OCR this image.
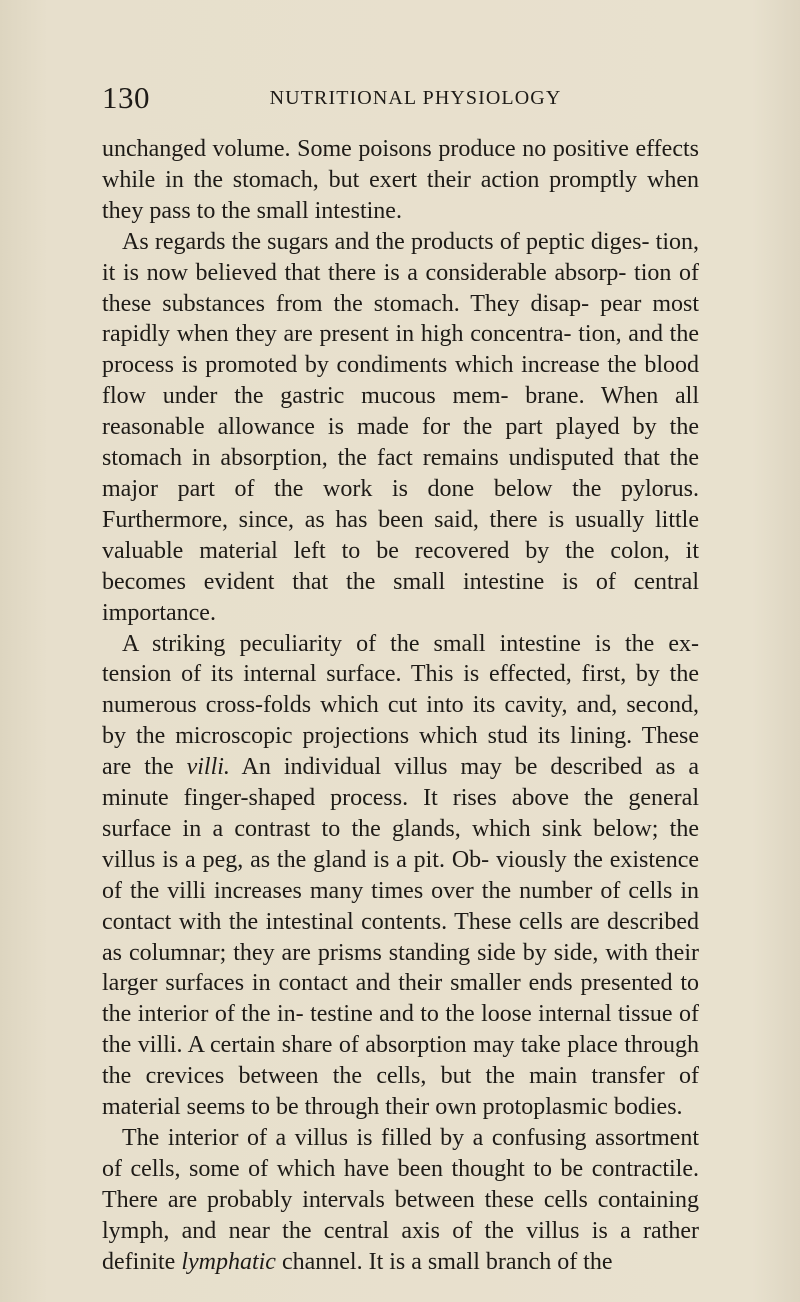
130	NUTRITIONAL PHYSIOLOGY

unchanged volume. Some poisons produce no positive effects while in the stomach, but exert their action promptly when they pass to the small intestine.

As regards the sugars and the products of peptic diges- tion, it is now believed that there is a considerable absorp- tion of these substances from the stomach. They disap- pear most rapidly when they are present in high concentra- tion, and the process is promoted by condiments which increase the blood flow under the gastric mucous mem- brane. When all reasonable allowance is made for the part played by the stomach in absorption, the fact remains undisputed that the major part of the work is done below the pylorus. Furthermore, since, as has been said, there is usually little valuable material left to be recovered by the colon, it becomes evident that the small intestine is of central importance.

A striking peculiarity of the small intestine is the ex- tension of its internal surface. This is effected, first, by the numerous cross-folds which cut into its cavity, and, second, by the microscopic projections which stud its lining. These are the villi. An individual villus may be described as a minute finger-shaped process. It rises above the general surface in a contrast to the glands, which sink below; the villus is a peg, as the gland is a pit. Ob- viously the existence of the villi increases many times over the number of cells in contact with the intestinal contents. These cells are described as columnar; they are prisms standing side by side, with their larger surfaces in contact and their smaller ends presented to the interior of the in- testine and to the loose internal tissue of the villi. A certain share of absorption may take place through the crevices between the cells, but the main transfer of material seems to be through their own protoplasmic bodies.

The interior of a villus is filled by a confusing assortment of cells, some of which have been thought to be contractile. There are probably intervals between these cells containing lymph, and near the central axis of the villus is a rather definite lymphatic channel. It is a small branch of the
